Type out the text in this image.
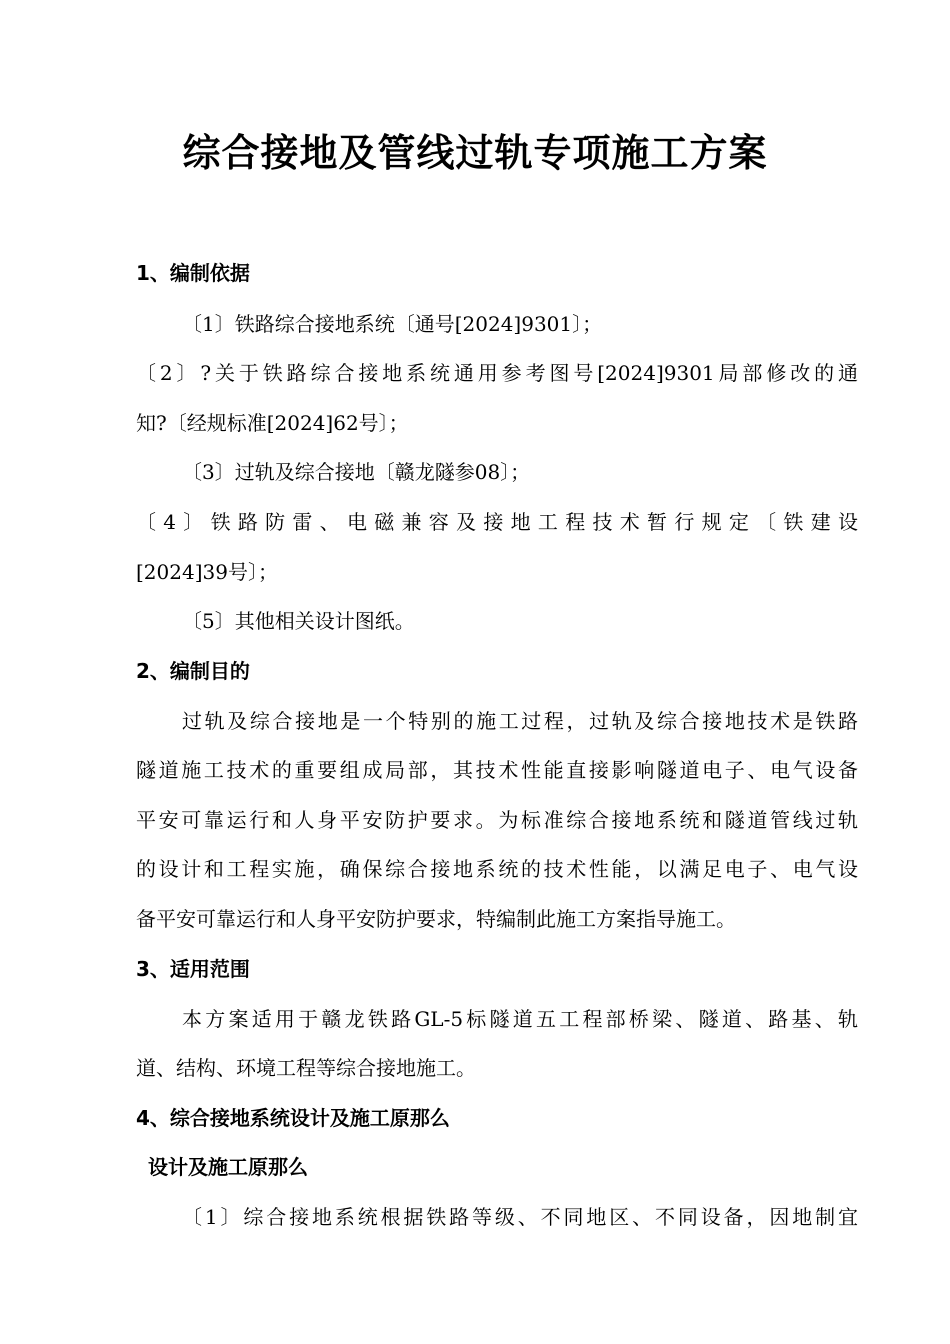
综合接地及管线过轨专项施工方案
1、编制依据
〔1〕铁路综合接地系统〔通号[2024]9301〕；
〔2〕?关于铁路综合接地系统通用参考图号[2024]9301局部修改的通
知?〔经规标准[2024]62号〕；
〔3〕过轨及综合接地〔赣龙隧参08〕；
〔4〕铁路防雷、电磁兼容及接地工程技术暂行规定〔铁建设
[2024]39号〕；
〔5〕其他相关设计图纸。
2、编制目的
过轨及综合接地是一个特别的施工过程，过轨及综合接地技术是铁路
隧道施工技术的重要组成局部，其技术性能直接影响隧道电子、电气设备
平安可靠运行和人身平安防护要求。为标准综合接地系统和隧道管线过轨
的设计和工程实施，确保综合接地系统的技术性能，以满足电子、电气设
备平安可靠运行和人身平安防护要求，特编制此施工方案指导施工。
3、适用范围
本方案适用于赣龙铁路GL-5标隧道五工程部桥梁、隧道、路基、轨
道、结构、环境工程等综合接地施工。
4、综合接地系统设计及施工原那么
设计及施工原那么
〔1〕综合接地系统根据铁路等级、不同地区、不同设备，因地制宜
